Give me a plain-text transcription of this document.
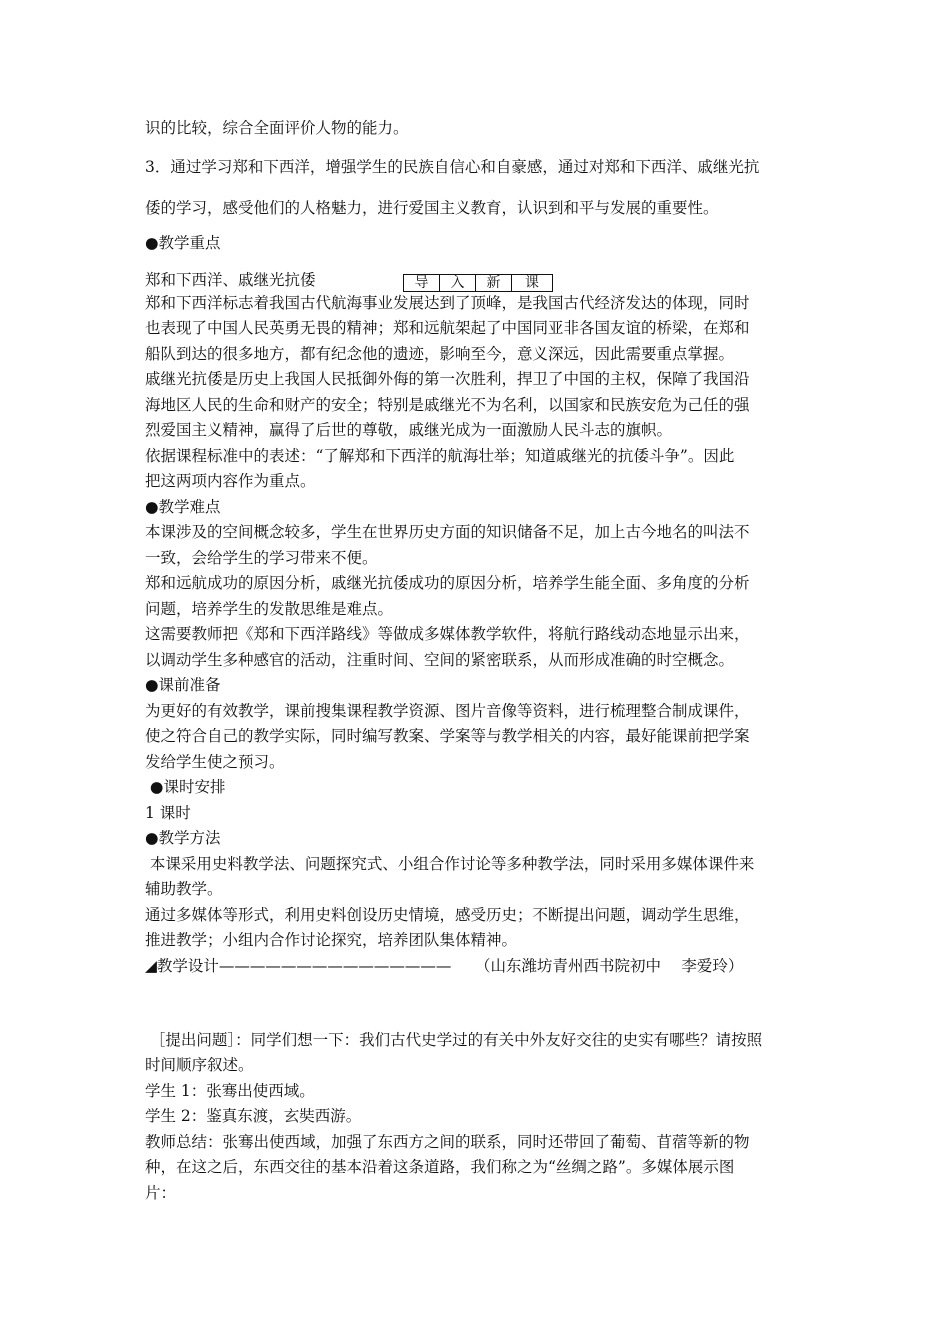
识的比较，综合全面评价人物的能力。
3．通过学习郑和下西洋，增强学生的民族自信心和自豪感，通过对郑和下西洋、戚继光抗
倭的学习，感受他们的人格魅力，进行爱国主义教育，认识到和平与发展的重要性。
●教学重点
郑和下西洋、戚继光抗倭	导	入	新	课
郑和下西洋标志着我国古代航海事业发展达到了顶峰，是我国古代经济发达的体现，同时
也表现了中国人民英勇无畏的精神；郑和远航架起了中国同亚非各国友谊的桥梁，在郑和
船队到达的很多地方，都有纪念他的遗迹，影响至今，意义深远，因此需要重点掌握。
戚继光抗倭是历史上我国人民抵御外侮的第一次胜利，捍卫了中国的主权，保障了我国沿
海地区人民的生命和财产的安全；特别是戚继光不为名利，以国家和民族安危为己任的强
烈爱国主义精神，赢得了后世的尊敬，戚继光成为一面激励人民斗志的旗帜。
依据课程标准中的表述：“了解郑和下西洋的航海壮举；知道戚继光的抗倭斗争”。因此
把这两项内容作为重点。
●教学难点
本课涉及的空间概念较多，学生在世界历史方面的知识储备不足，加上古今地名的叫法不
一致，会给学生的学习带来不便。
郑和远航成功的原因分析，戚继光抗倭成功的原因分析，培养学生能全面、多角度的分析
问题，培养学生的发散思维是难点。
这需要教师把《郑和下西洋路线》等做成多媒体教学软件，将航行路线动态地显示出来，
以调动学生多种感官的活动，注重时间、空间的紧密联系，从而形成准确的时空概念。
●课前准备
为更好的有效教学，课前搜集课程教学资源、图片音像等资料，进行梳理整合制成课件，
使之符合自己的教学实际，同时编写教案、学案等与教学相关的内容，最好能课前把学案
发给学生使之预习。
●课时安排
1 课时
●教学方法
本课采用史料教学法、问题探究式、小组合作讨论等多种教学法，同时采用多媒体课件来
辅助教学。
通过多媒体等形式，利用史料创设历史情境，感受历史；不断提出问题，调动学生思维，
推进教学；小组内合作讨论探究，培养团队集体精神。
◢教学设计———————————————	（山东潍坊青州西书院初中　 李爱玲）
［提出问题］：同学们想一下：我们古代史学过的有关中外友好交往的史实有哪些？请按照
时间顺序叙述。
学生 1：张骞出使西域。
学生 2：鉴真东渡，玄奘西游。
教师总结：张骞出使西域，加强了东西方之间的联系，同时还带回了葡萄、苜蓿等新的物
种，在这之后，东西交往的基本沿着这条道路，我们称之为“丝绸之路”。多媒体展示图
片：
